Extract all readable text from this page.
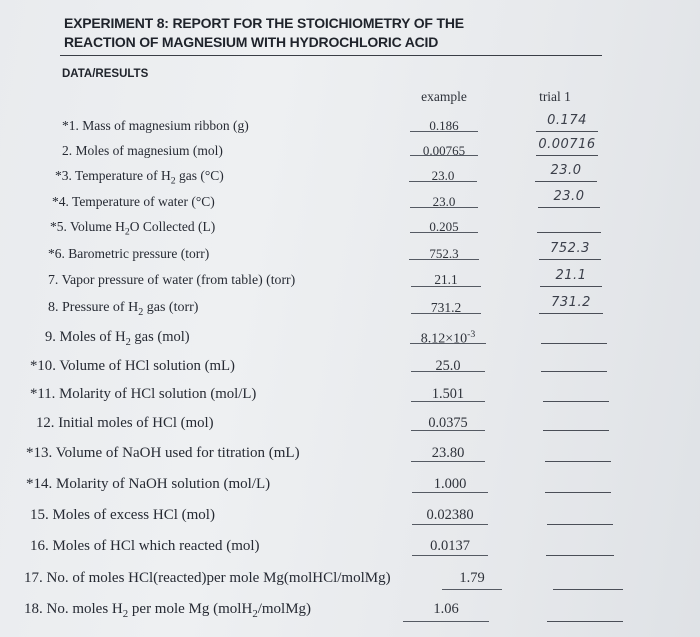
EXPERIMENT 8: REPORT FOR THE STOICHIOMETRY OF THE
REACTION OF MAGNESIUM WITH HYDROCHLORIC ACID
DATA/RESULTS
example	trial 1
*1. Mass of magnesium ribbon (g)	0.186	0.174
2. Moles of magnesium (mol)	0.00765	0.00716
*3. Temperature of $H_2$ gas (°C)	23.0	23.0
*4. Temperature of water (°C)	23.0	23.0
*5. Volume $H_2O$ Collected (L)	0.205
*6. Barometric pressure (torr)	752.3	752.3
7. Vapor pressure of water (from table) (torr)	21.1	21.1
8. Pressure of $H_2$ gas (torr)	731.2	731.2
9. Moles of $H_2$ gas (mol)	$8.12\times 10^{-3}$
*10. Volume of HCl solution (mL)	25.0
*11. Molarity of HCl solution (mol/L)	1.501
12. Initial moles of HCl (mol)	0.0375
*13. Volume of NaOH used for titration (mL)	23.80
*14. Molarity of NaOH solution (mol/L)	1.000
15. Moles of excess HCl (mol)	0.02380
16. Moles of HCl which reacted (mol)	0.0137
17. No. of moles HCl(reacted)per mole Mg(molHCl/molMg)	1.79
18. No. moles $H_2$ per mole Mg (molH$_2$/molMg)	1.06
